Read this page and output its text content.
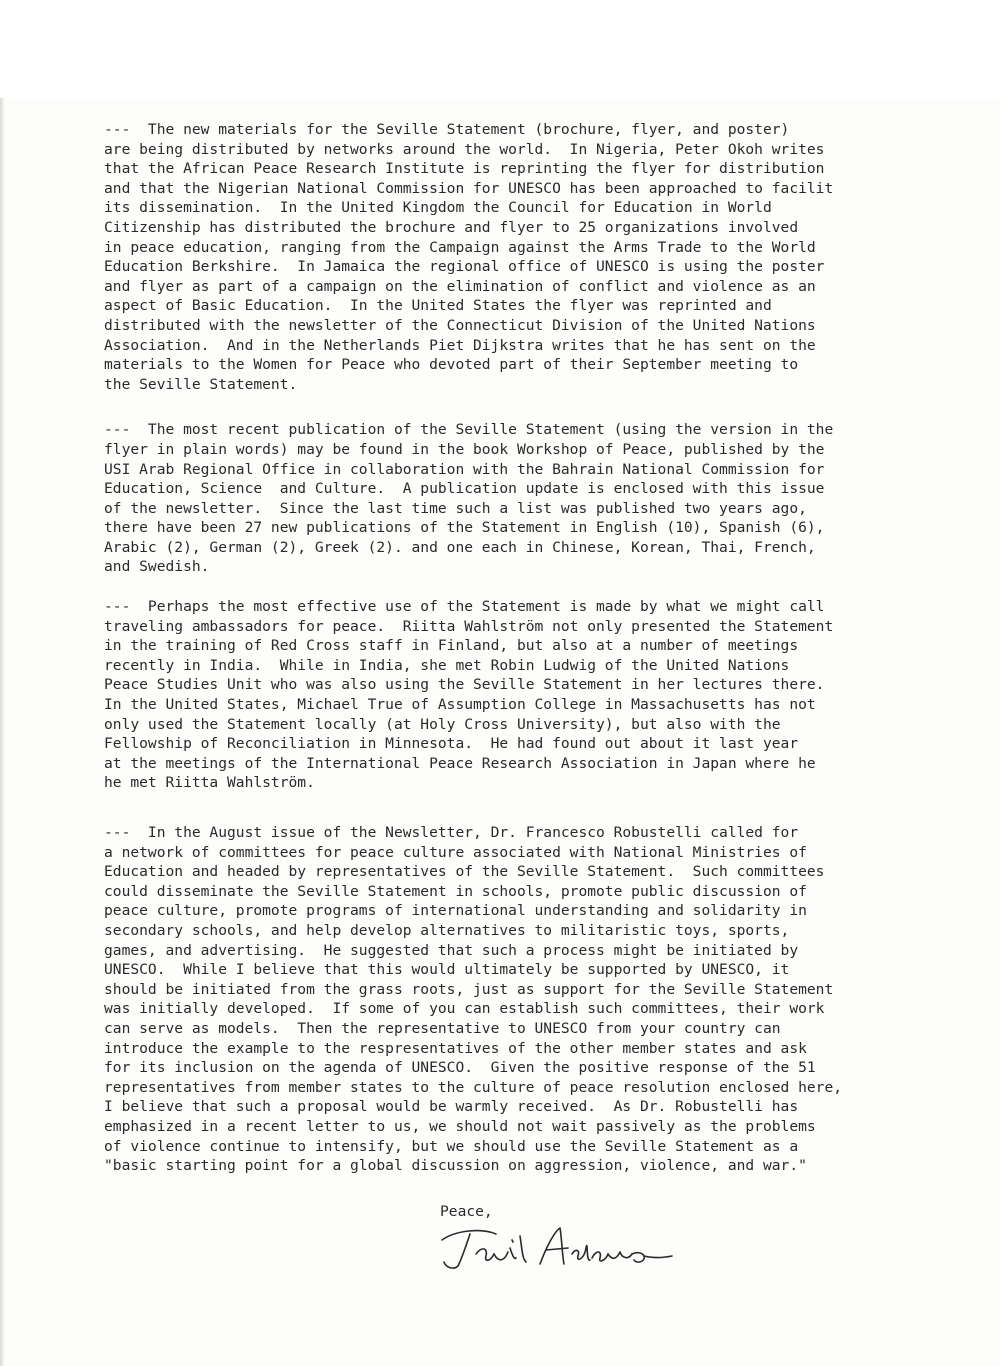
---  The new materials for the Seville Statement (brochure, flyer, and poster)
are being distributed by networks around the world.  In Nigeria, Peter Okoh writes
that the African Peace Research Institute is reprinting the flyer for distribution
and that the Nigerian National Commission for UNESCO has been approached to facilit
its dissemination.  In the United Kingdom the Council for Education in World
Citizenship has distributed the brochure and flyer to 25 organizations involved
in peace education, ranging from the Campaign against the Arms Trade to the World
Education Berkshire.  In Jamaica the regional office of UNESCO is using the poster
and flyer as part of a campaign on the elimination of conflict and violence as an
aspect of Basic Education.  In the United States the flyer was reprinted and
distributed with the newsletter of the Connecticut Division of the United Nations
Association.  And in the Netherlands Piet Dijkstra writes that he has sent on the
materials to the Women for Peace who devoted part of their September meeting to
the Seville Statement.

---  The most recent publication of the Seville Statement (using the version in the
flyer in plain words) may be found in the book Workshop of Peace, published by the
USI Arab Regional Office in collaboration with the Bahrain National Commission for
Education, Science  and Culture.  A publication update is enclosed with this issue
of the newsletter.  Since the last time such a list was published two years ago,
there have been 27 new publications of the Statement in English (10), Spanish (6),
Arabic (2), German (2), Greek (2). and one each in Chinese, Korean, Thai, French,
and Swedish.

---  Perhaps the most effective use of the Statement is made by what we might call
traveling ambassadors for peace.  Riitta Wahlström not only presented the Statement
in the training of Red Cross staff in Finland, but also at a number of meetings
recently in India.  While in India, she met Robin Ludwig of the United Nations
Peace Studies Unit who was also using the Seville Statement in her lectures there.
In the United States, Michael True of Assumption College in Massachusetts has not
only used the Statement locally (at Holy Cross University), but also with the
Fellowship of Reconciliation in Minnesota.  He had found out about it last year
at the meetings of the International Peace Research Association in Japan where he
he met Riitta Wahlström.

---  In the August issue of the Newsletter, Dr. Francesco Robustelli called for
a network of committees for peace culture associated with National Ministries of
Education and headed by representatives of the Seville Statement.  Such committees
could disseminate the Seville Statement in schools, promote public discussion of
peace culture, promote programs of international understanding and solidarity in
secondary schools, and help develop alternatives to militaristic toys, sports,
games, and advertising.  He suggested that such a process might be initiated by
UNESCO.  While I believe that this would ultimately be supported by UNESCO, it
should be initiated from the grass roots, just as support for the Seville Statement
was initially developed.  If some of you can establish such committees, their work
can serve as models.  Then the representative to UNESCO from your country can
introduce the example to the respresentatives of the other member states and ask
for its inclusion on the agenda of UNESCO.  Given the positive response of the 51
representatives from member states to the culture of peace resolution enclosed here,
I believe that such a proposal would be warmly received.  As Dr. Robustelli has
emphasized in a recent letter to us, we should not wait passively as the problems
of violence continue to intensify, but we should use the Seville Statement as a
"basic starting point for a global discussion on aggression, violence, and war."

Peace,
